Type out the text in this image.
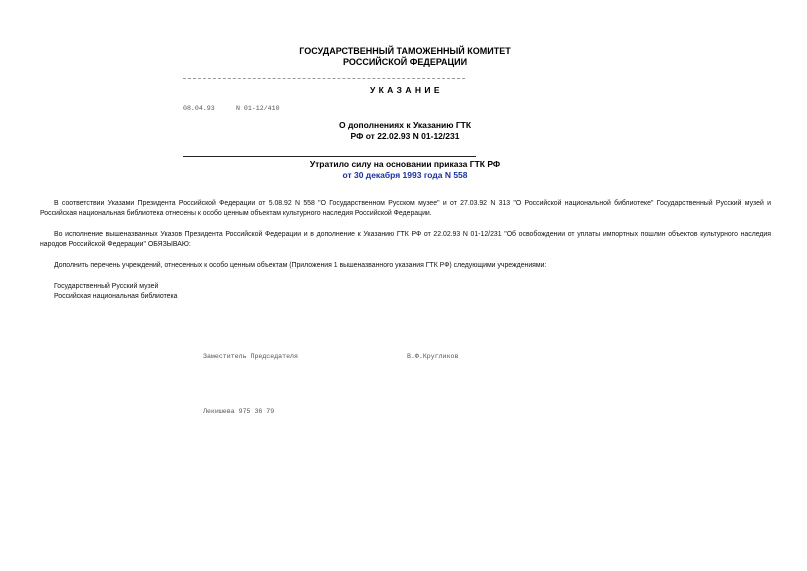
ГОСУДАРСТВЕННЫЙ ТАМОЖЕННЫЙ КОМИТЕТ
РОССИЙСКОЙ ФЕДЕРАЦИИ
У К А З А Н И Е
08.04.93	N 01-12/410
О дополнениях к Указанию ГТК
РФ от 22.02.93 N 01-12/231
Утратило силу на основании приказа ГТК РФ
от 30 декабря 1993 года N 558
В соответствии Указами Президента Российской Федерации от 5.08.92 N 558 "О Государственном Русском музее" и от 27.03.92 N 313 "О Российской национальной библиотеке" Государственный Русский музей и Российская национальная библиотека отнесены к особо ценным объектам культурного наследия Российской Федерации.
Во исполнение вышеназванных Указов Президента Российской Федерации и в дополнение к Указанию ГТК РФ от 22.02.93 N 01-12/231 "Об освобождении от уплаты импортных пошлин объектов культурного наследия народов Российской Федерации" ОБЯЗЫВАЮ:
Дополнить перечень учреждений, отнесенных к особо ценным объектам (Приложения 1 вышеназванного указания ГТК РФ) следующими учреждениями:
Государственный Русский музей
Российская национальная библиотека
Заместитель Председателя	В.Ф.Кругликов
Лекишева 975 36 79
